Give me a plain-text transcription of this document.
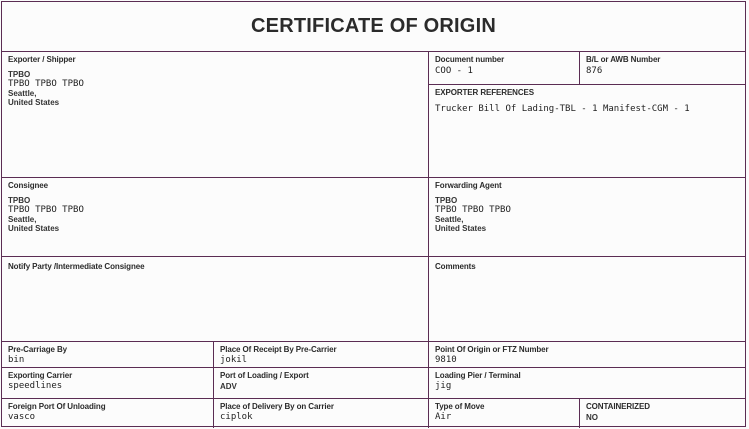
CERTIFICATE OF ORIGIN
Exporter / Shipper
TPBO
TPBO TPBO TPBO
Seattle,
United States
Document number
COO - 1
B/L or AWB Number
876
EXPORTER REFERENCES
Trucker Bill Of Lading-TBL - 1 Manifest-CGM - 1
Consignee
TPBO
TPBO TPBO TPBO
Seattle,
United States
Forwarding Agent
TPBO
TPBO TPBO TPBO
Seattle,
United States
Notify Party /Intermediate Consignee	Comments
Pre-Carriage By
bin
Place Of Receipt By Pre-Carrier
jokil
Point Of Origin or FTZ Number
9810
Exporting Carrier
speedlines
Port of Loading / Export
ADV
Loading Pier / Terminal
jig
Foreign Port Of Unloading
vasco
Place of Delivery By on Carrier
ciplok
Type of Move
Air
CONTAINERIZED
NO
